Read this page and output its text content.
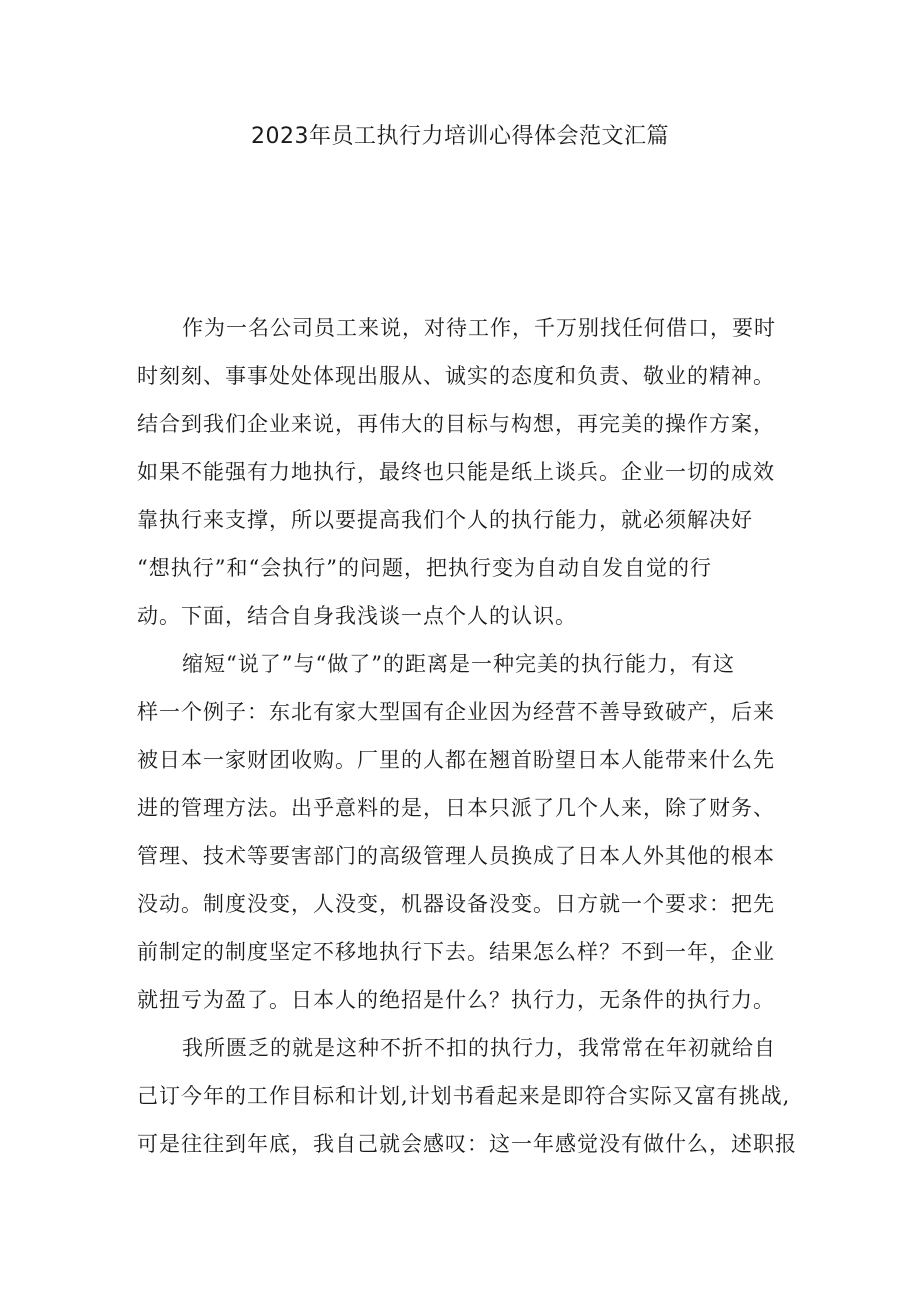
2023年员工执行力培训心得体会范文汇篇
作为一名公司员工来说，对待工作，千万别找任何借口，要时
时刻刻、事事处处体现出服从、诚实的态度和负责、敬业的精神。
结合到我们企业来说，再伟大的目标与构想，再完美的操作方案，
如果不能强有力地执行，最终也只能是纸上谈兵。企业一切的成效
靠执行来支撑，所以要提高我们个人的执行能力，就必须解决好
“想执行”和“会执行”的问题，把执行变为自动自发自觉的行
动。下面，结合自身我浅谈一点个人的认识。
缩短“说了”与“做了”的距离是一种完美的执行能力，有这
样一个例子：东北有家大型国有企业因为经营不善导致破产，后来
被日本一家财团收购。厂里的人都在翘首盼望日本人能带来什么先
进的管理方法。出乎意料的是，日本只派了几个人来，除了财务、
管理、技术等要害部门的高级管理人员换成了日本人外其他的根本
没动。制度没变，人没变，机器设备没变。日方就一个要求：把先
前制定的制度坚定不移地执行下去。结果怎么样？不到一年，企业
就扭亏为盈了。日本人的绝招是什么？执行力，无条件的执行力。
我所匮乏的就是这种不折不扣的执行力，我常常在年初就给自
己订今年的工作目标和计划,计划书看起来是即符合实际又富有挑战,
可是往往到年底，我自己就会感叹：这一年感觉没有做什么，述职报
